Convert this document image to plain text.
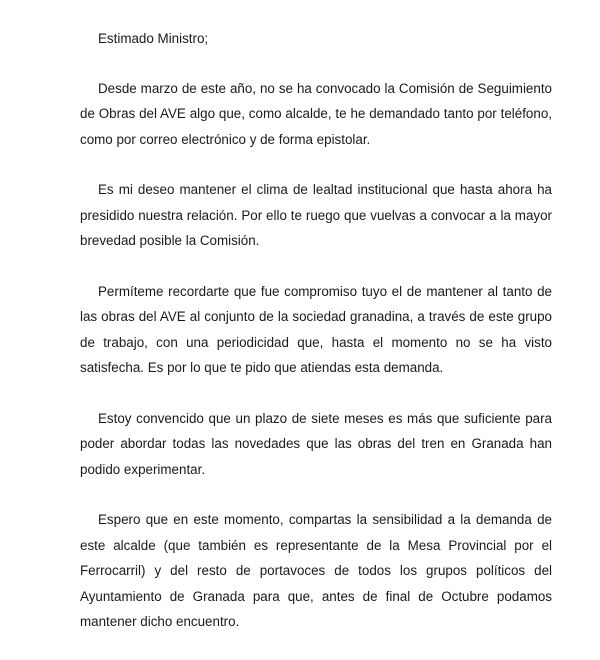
Estimado Ministro;

Desde marzo de este año, no se ha convocado la Comisión de Seguimiento de Obras del AVE algo que, como alcalde, te he demandado tanto por teléfono, como por correo electrónico y de forma epistolar.

Es mi deseo mantener el clima de lealtad institucional que hasta ahora ha presidido nuestra relación. Por ello te ruego que vuelvas a convocar a la mayor brevedad posible la Comisión.

Permíteme recordarte que fue compromiso tuyo el de mantener al tanto de las obras del AVE al conjunto de la sociedad granadina, a través de este grupo de trabajo, con una periodicidad que, hasta el momento no se ha visto satisfecha. Es por lo que te pido que atiendas esta demanda.

Estoy convencido que un plazo de siete meses es más que suficiente para poder abordar todas las novedades que las obras del tren en Granada han podido experimentar.

Espero que en este momento, compartas la sensibilidad a la demanda de este alcalde (que también es representante de la Mesa Provincial por el Ferrocarril) y del resto de portavoces de todos los grupos políticos del Ayuntamiento de Granada para que, antes de final de Octubre podamos mantener dicho encuentro.
